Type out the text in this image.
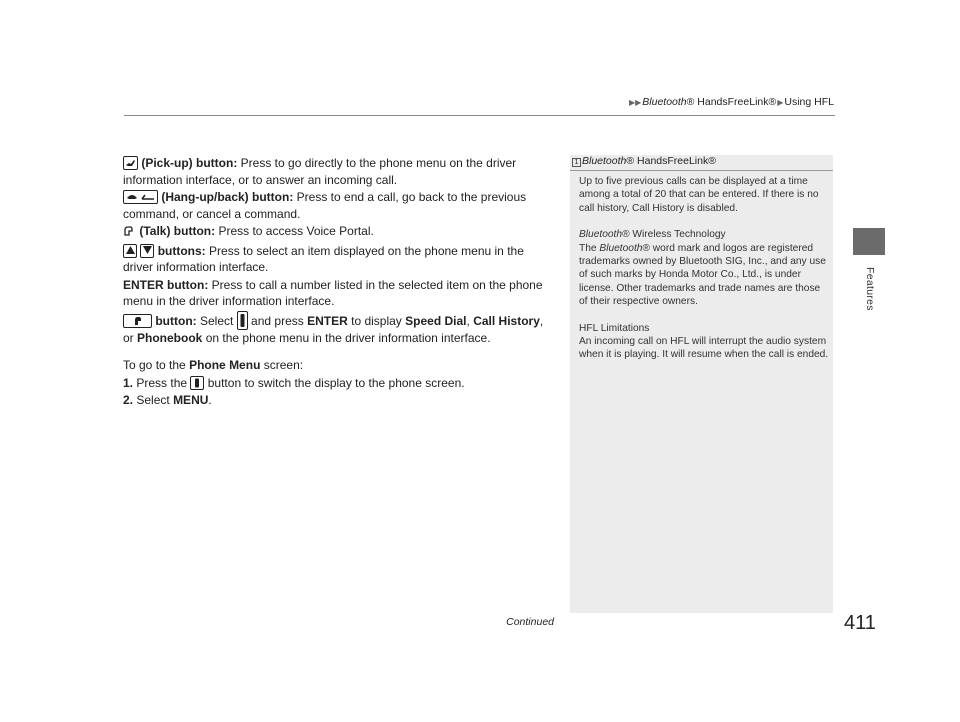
▶▶Bluetooth® HandsFreeLink®▶Using HFL
Features

(Pick-up) button: Press to go directly to the phone menu on the driver information interface, or to answer an incoming call.

(Hang-up/back) button: Press to end a call, go back to the previous command, or cancel a command.

(Talk) button: Press to access Voice Portal.

buttons: Press to select an item displayed on the phone menu in the driver information interface.

ENTER button: Press to call a number listed in the selected item on the phone menu in the driver information interface.

button: Select and press ENTER to display Speed Dial, Call History, or Phonebook on the phone menu in the driver information interface.

To go to the Phone Menu screen:

1. Press the button to switch the display to the phone screen.

2. Select MENU.

1 Bluetooth® HandsFreeLink®

Up to five previous calls can be displayed at a time among a total of 20 that can be entered. If there is no call history, Call History is disabled.

Bluetooth® Wireless Technology

The Bluetooth® word mark and logos are registered trademarks owned by Bluetooth SIG, Inc., and any use of such marks by Honda Motor Co., Ltd., is under license. Other trademarks and trade names are those of their respective owners.

HFL Limitations

An incoming call on HFL will interrupt the audio system when it is playing. It will resume when the call is ended.

Continued	411
